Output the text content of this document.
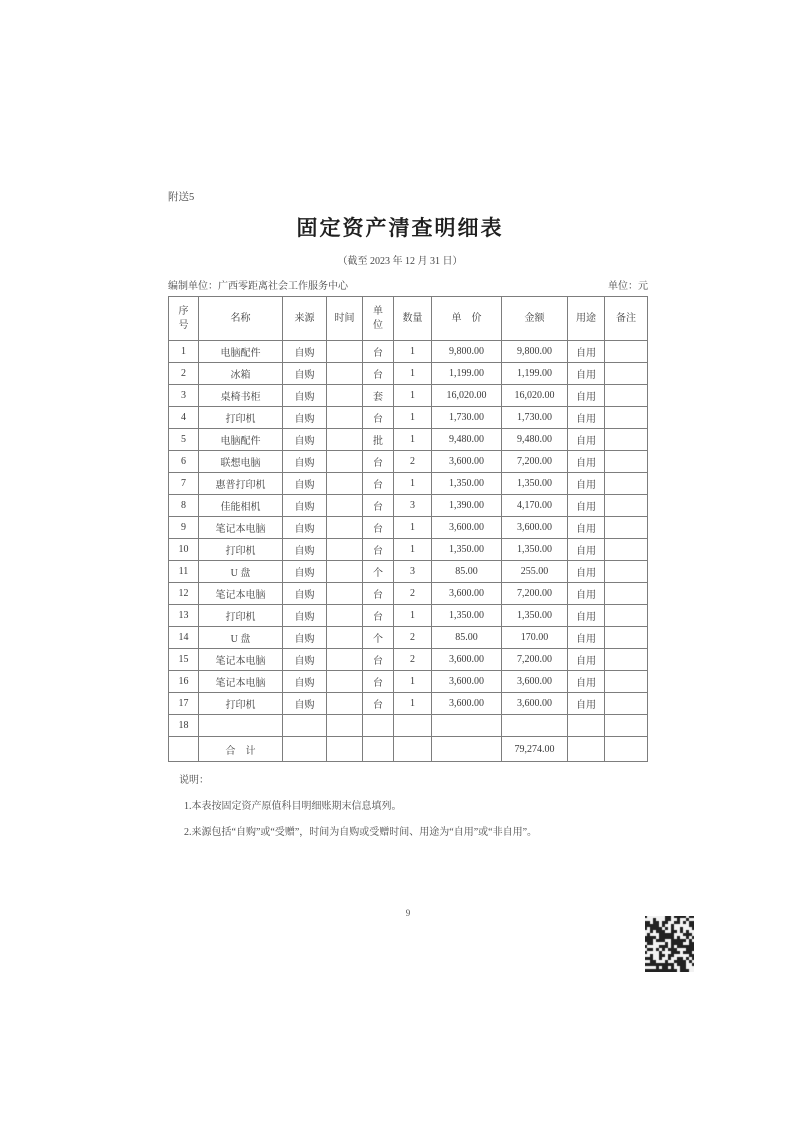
附送5
固定资产清查明细表
（截至 2023 年 12 月 31 日）
编制单位：广西零距离社会工作服务中心	单位：元
序号	名称	来源	时间	单位	数量	单　价	金额	用途	备注
1	电脑配件	自购		台	1	9,800.00	9,800.00	自用	
2	冰箱	自购		台	1	1,199.00	1,199.00	自用	
3	桌椅书柜	自购		套	1	16,020.00	16,020.00	自用	
4	打印机	自购		台	1	1,730.00	1,730.00	自用	
5	电脑配件	自购		批	1	9,480.00	9,480.00	自用	
6	联想电脑	自购		台	2	3,600.00	7,200.00	自用	
7	惠普打印机	自购		台	1	1,350.00	1,350.00	自用	
8	佳能相机	自购		台	3	1,390.00	4,170.00	自用	
9	笔记本电脑	自购		台	1	3,600.00	3,600.00	自用	
10	打印机	自购		台	1	1,350.00	1,350.00	自用	
11	U 盘	自购		个	3	85.00	255.00	自用	
12	笔记本电脑	自购		台	2	3,600.00	7,200.00	自用	
13	打印机	自购		台	1	1,350.00	1,350.00	自用	
14	U 盘	自购		个	2	85.00	170.00	自用	
15	笔记本电脑	自购		台	2	3,600.00	7,200.00	自用	
16	笔记本电脑	自购		台	1	3,600.00	3,600.00	自用	
17	打印机	自购		台	1	3,600.00	3,600.00	自用	
18									
	合　计						79,274.00		
说明：
1.本表按固定资产原值科目明细账期末信息填列。
2.来源包括“自购”或“受赠”，时间为自购或受赠时间、用途为“自用”或“非自用”。
9
